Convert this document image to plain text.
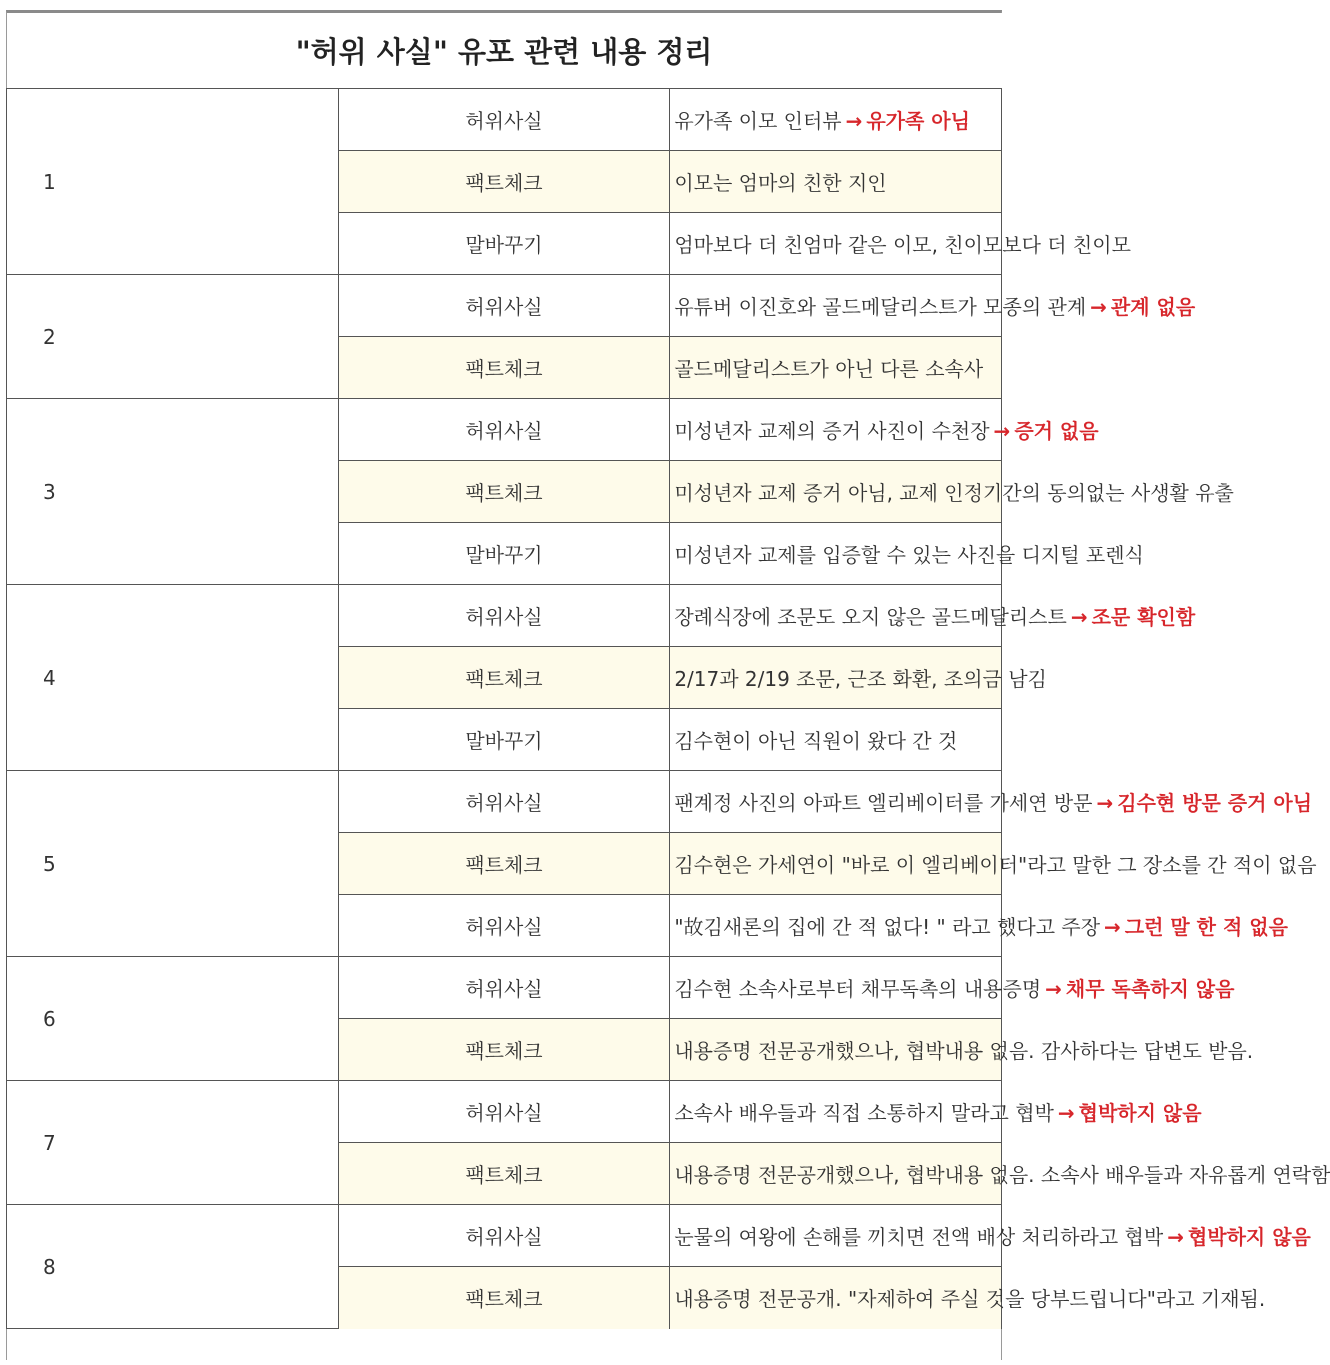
"허위 사실" 유포 관련 내용 정리		
1	허위사실	유가족 이모 인터뷰 → 유가족 아님
	팩트체크	이모는 엄마의 친한 지인
	말바꾸기	엄마보다 더 친엄마 같은 이모, 친이모보다 더 친이모
2	허위사실	유튜버 이진호와 골드메달리스트가 모종의 관계 → 관계 없음
	팩트체크	골드메달리스트가 아닌 다른 소속사
3	허위사실	미성년자 교제의 증거 사진이 수천장 → 증거 없음
	팩트체크	미성년자 교제 증거 아님, 교제 인정기간의 동의없는 사생활 유출
	말바꾸기	미성년자 교제를 입증할 수 있는 사진을 디지털 포렌식
4	허위사실	장례식장에 조문도 오지 않은 골드메달리스트 → 조문 확인함
	팩트체크	2/17과 2/19 조문, 근조 화환, 조의금 남김
	말바꾸기	김수현이 아닌 직원이 왔다 간 것
5	허위사실	팬계정 사진의 아파트 엘리베이터를 가세연 방문 → 김수현 방문 증거 아님
	팩트체크	김수현은 가세연이 "바로 이 엘리베이터"라고 말한 그 장소를 간 적이 없음
	허위사실	"故김새론의 집에 간 적 없다! " 라고 했다고 주장 → 그런 말 한 적 없음
6	허위사실	김수현 소속사로부터 채무독촉의 내용증명 → 채무 독촉하지 않음
	팩트체크	내용증명 전문공개했으나, 협박내용 없음. 감사하다는 답변도 받음.
7	허위사실	소속사 배우들과 직접 소통하지 말라고 협박 → 협박하지 않음
	팩트체크	내용증명 전문공개했으나, 협박내용 없음. 소속사 배우들과 자유롭게 연락함
8	허위사실	눈물의 여왕에 손해를 끼치면 전액 배상 처리하라고 협박 → 협박하지 않음
	팩트체크	내용증명 전문공개. "자제하여 주실 것을 당부드립니다"라고 기재됨.
